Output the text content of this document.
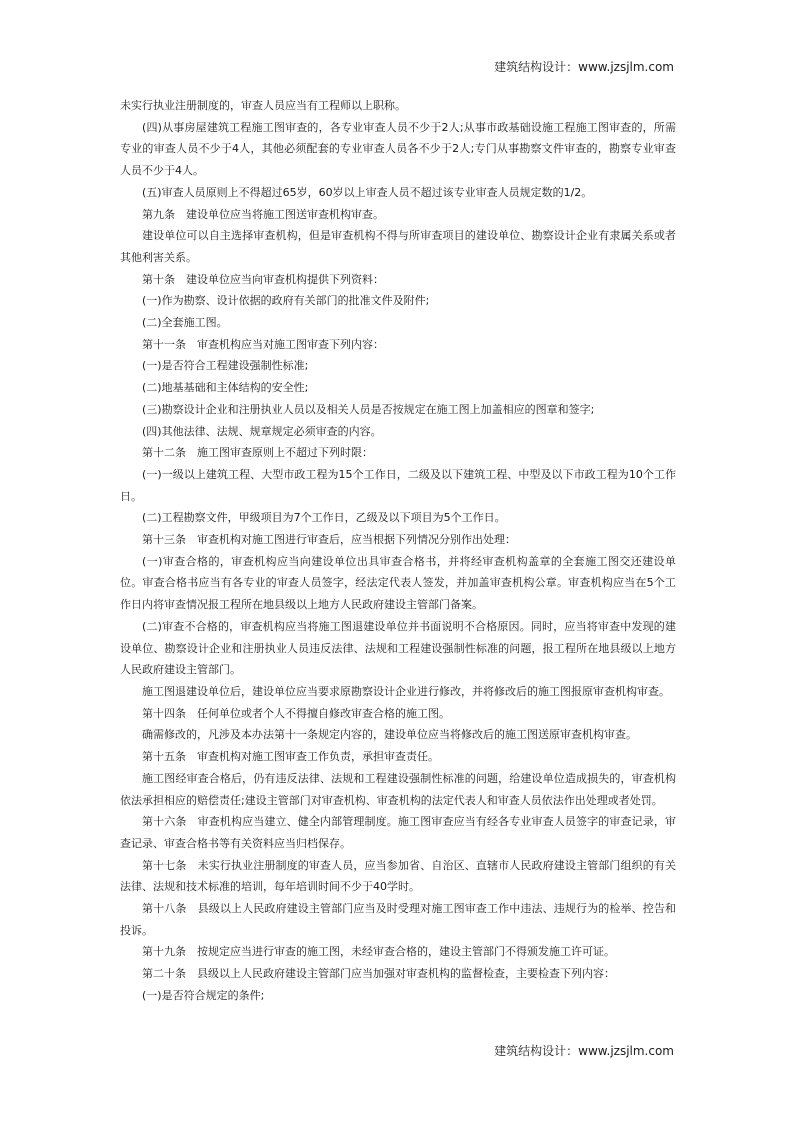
建筑结构设计：www.jzsjlm.com

未实行执业注册制度的，审查人员应当有工程师以上职称。

(四)从事房屋建筑工程施工图审查的，各专业审查人员不少于2人;从事市政基础设施工程施工图审查的，所需专业的审查人员不少于4人，其他必须配套的专业审查人员各不少于2人;专门从事勘察文件审查的，勘察专业审查人员不少于4人。

(五)审查人员原则上不得超过65岁，60岁以上审查人员不超过该专业审查人员规定数的1/2。

第九条　建设单位应当将施工图送审查机构审查。

建设单位可以自主选择审查机构，但是审查机构不得与所审查项目的建设单位、勘察设计企业有隶属关系或者其他利害关系。

第十条　建设单位应当向审查机构提供下列资料：

(一)作为勘察、设计依据的政府有关部门的批准文件及附件;

(二)全套施工图。

第十一条　审查机构应当对施工图审查下列内容：

(一)是否符合工程建设强制性标准;

(二)地基基础和主体结构的安全性;

(三)勘察设计企业和注册执业人员以及相关人员是否按规定在施工图上加盖相应的图章和签字;

(四)其他法律、法规、规章规定必须审查的内容。

第十二条　施工图审查原则上不超过下列时限：

(一)一级以上建筑工程、大型市政工程为15个工作日，二级及以下建筑工程、中型及以下市政工程为10个工作日。

(二)工程勘察文件，甲级项目为7个工作日，乙级及以下项目为5个工作日。

第十三条　审查机构对施工图进行审查后，应当根据下列情况分别作出处理：

(一)审查合格的，审查机构应当向建设单位出具审查合格书，并将经审查机构盖章的全套施工图交还建设单位。审查合格书应当有各专业的审查人员签字，经法定代表人签发，并加盖审查机构公章。审查机构应当在5个工作日内将审查情况报工程所在地县级以上地方人民政府建设主管部门备案。

(二)审查不合格的，审查机构应当将施工图退建设单位并书面说明不合格原因。同时，应当将审查中发现的建设单位、勘察设计企业和注册执业人员违反法律、法规和工程建设强制性标准的问题，报工程所在地县级以上地方人民政府建设主管部门。

施工图退建设单位后，建设单位应当要求原勘察设计企业进行修改，并将修改后的施工图报原审查机构审查。

第十四条　任何单位或者个人不得擅自修改审查合格的施工图。

确需修改的，凡涉及本办法第十一条规定内容的，建设单位应当将修改后的施工图送原审查机构审查。

第十五条　审查机构对施工图审查工作负责，承担审查责任。

施工图经审查合格后，仍有违反法律、法规和工程建设强制性标准的问题，给建设单位造成损失的，审查机构依法承担相应的赔偿责任;建设主管部门对审查机构、审查机构的法定代表人和审查人员依法作出处理或者处罚。

第十六条　审查机构应当建立、健全内部管理制度。施工图审查应当有经各专业审查人员签字的审查记录，审查记录、审查合格书等有关资料应当归档保存。

第十七条　未实行执业注册制度的审查人员，应当参加省、自治区、直辖市人民政府建设主管部门组织的有关法律、法规和技术标准的培训，每年培训时间不少于40学时。

第十八条　县级以上人民政府建设主管部门应当及时受理对施工图审查工作中违法、违规行为的检举、控告和投诉。

第十九条　按规定应当进行审查的施工图，未经审查合格的，建设主管部门不得颁发施工许可证。

第二十条　县级以上人民政府建设主管部门应当加强对审查机构的监督检查，主要检查下列内容：

(一)是否符合规定的条件;

建筑结构设计：www.jzsjlm.com
